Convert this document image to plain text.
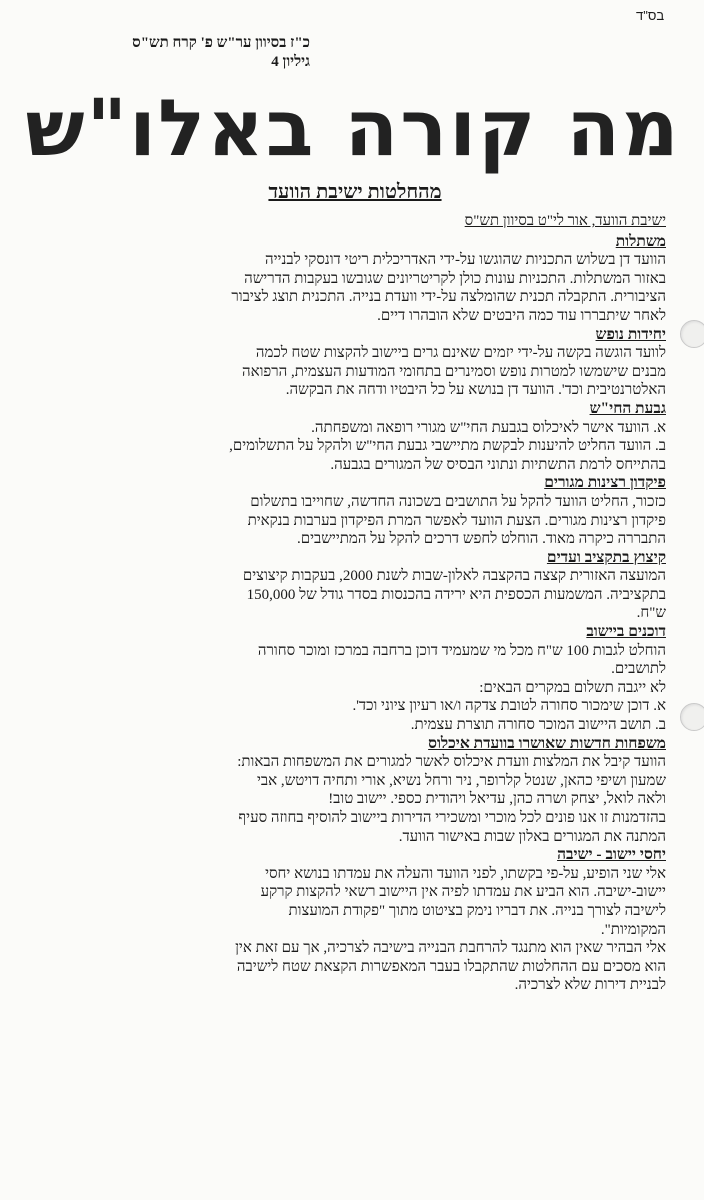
בס"ד
כ"ז בסיוון ער"ש פ' קרח תש"ס
גיליון 4
מה קורה באלו"ש
מהחלטות ישיבת הוועד
ישיבת הוועד, אור לי"ט בסיוון תש"ס
משתלות
הוועד דן בשלוש התכניות שהוגשו על-ידי האדריכלית ריטי דונסקי לבנייה
באזור המשתלות. התכניות עונות כולן לקריטריונים שגובשו בעקבות הדרישה
הציבורית. התקבלה תכנית שהומלצה על-ידי וועדת בנייה. התכנית תוצג לציבור
לאחר שיתבררו עוד כמה היבטים שלא הובהרו דיים.
יחידות נופש
לוועד הוגשה בקשה על-ידי יזמים שאינם גרים ביישוב להקצות שטח לכמה
מבנים שישמשו למטרות נופש וסמינרים בתחומי המודעות העצמית, הרפואה
האלטרנטיבית וכד'. הוועד דן בנושא על כל היבטיו ודחה את הבקשה.
גבעת החי"ש
א. הוועד אישר לאיכלוס בגבעת החי"ש מגורי רופאה ומשפחתה.
ב. הוועד החליט להיענות לבקשת מתיישבי גבעת החי"ש ולהקל על התשלומים,
בהתייחס לרמת התשתיות ונתוני הבסיס של המגורים בגבעה.
פיקדון רצינות מגורים
כזכור, החליט הוועד להקל על התושבים בשכונה החדשה, שחוייבו בתשלום
פיקדון רצינות מגורים. הצעת הוועד לאפשר המרת הפיקדון בערבות בנקאית
התבררה כיקרה מאוד. הוחלט לחפש דרכים להקל על המתיישבים.
קיצוץ בתקציב ועדים
המועצה האזורית קצצה בהקצבה לאלון-שבות לשנת 2000, בעקבות קיצוצים
בתקציביה. המשמעות הכספית היא ירידה בהכנסות בסדר גודל של 150,000
ש"ח.
דוכנים ביישוב
הוחלט לגבות 100 ש"ח מכל מי שמעמיד דוכן ברחבה במרכז ומוכר סחורה
לתושבים.
לא ייגבה תשלום במקרים הבאים:
א. דוכן שימכור סחורה לטובת צדקה ו/או רעיון ציוני וכד'.
ב. תושב היישוב המוכר סחורה תוצרת עצמית.
משפחות חדשות שאושרו בוועדת איכלוס
הוועד קיבל את המלצות וועדת איכלוס לאשר למגורים את המשפחות הבאות:
שמעון ושיפי כהאן, שנטל קלרופר, ניר ורחל נשיא, אורי ותחיה דויטש, אבי
ולאה לואל, יצחק ושרה כהן, עדיאל ויהודית כספי. יישוב טוב!
בהזדמנות זו אנו פונים לכל מוכרי ומשכירי הדירות ביישוב להוסיף בחוזה סעיף
המתנה את המגורים באלון שבות באישור הוועד.
יחסי יישוב - ישיבה
אלי שני הופיע, על-פי בקשתו, לפני הוועד והעלה את עמדתו בנושא יחסי
יישוב-ישיבה. הוא הביע את עמדתו לפיה אין היישוב רשאי להקצות קרקע
לישיבה לצורך בנייה. את דבריו נימק בציטוט מתוך "פקודת המועצות
המקומיות".
אלי הבהיר שאין הוא מתנגד להרחבת הבנייה בישיבה לצרכיה, אך עם זאת אין
הוא מסכים עם ההחלטות שהתקבלו בעבר המאפשרות הקצאת שטח לישיבה
לבניית דירות שלא לצרכיה.
